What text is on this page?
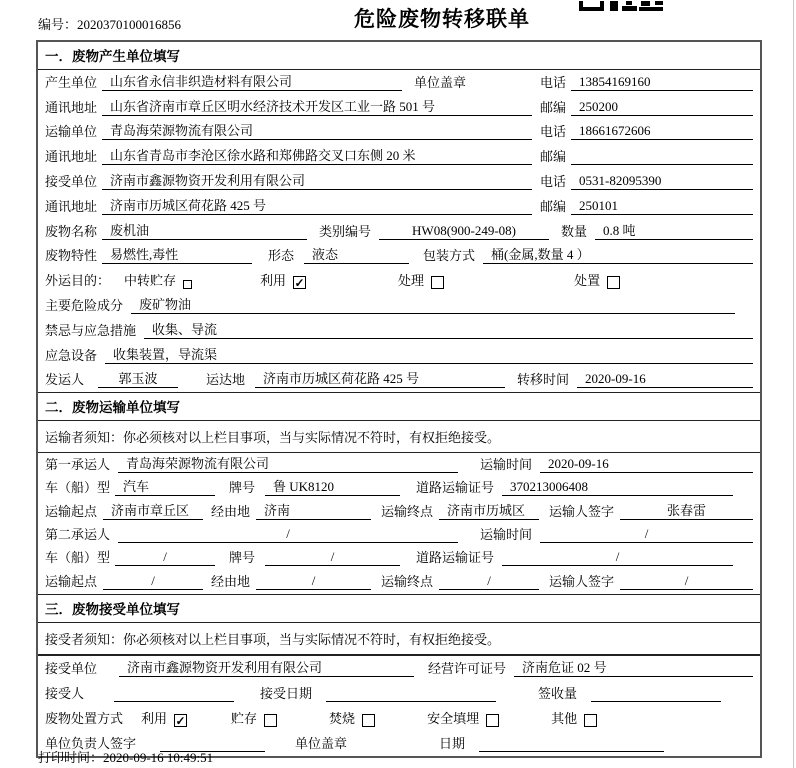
编号：2020370100016856	危险废物转移联单
一．废物产生单位填写
产生单位	山东省永信非织造材料有限公司	单位盖章	电话	13854169160
通讯地址	山东省济南市章丘区明水经济技术开发区工业一路 501 号	邮编	250200
运输单位	青岛海荣源物流有限公司	电话	18661672606
通讯地址	山东省青岛市李沧区徐水路和郑佛路交叉口东侧 20 米	邮编
接受单位	济南市鑫源物资开发利用有限公司	电话	0531-82095390
通讯地址	济南市历城区荷花路 425 号	邮编	250101
废物名称	废机油	类别编号	HW08(900-249-08)	数量	0.8 吨
废物特性	易燃性,毒性	形态	液态	包装方式	桶(金属,数量 4 ）
外运目的： 中转贮存	利用 ✓	处理	处置
主要危险成分	废矿物油
禁忌与应急措施	收集、导流
应急设备	收集装置，导流渠
发运人	郭玉波	运达地	济南市历城区荷花路 425 号	转移时间	2020-09-16
二．废物运输单位填写
运输者须知：你必须核对以上栏目事项，当与实际情况不符时，有权拒绝接受。
第一承运人	青岛海荣源物流有限公司	运输时间	2020-09-16
车（船）型	汽车	牌号	鲁 UK8120	道路运输证号	370213006408
运输起点	济南市章丘区	经由地	济南	运输终点	济南市历城区	运输人签字	张春雷
第二承运人	/	运输时间	/
车（船）型	/	牌号	/	道路运输证号	/
运输起点	/	经由地	/	运输终点	/	运输人签字	/
三．废物接受单位填写
接受者须知：你必须核对以上栏目事项，当与实际情况不符时，有权拒绝接受。
接受单位	济南市鑫源物资开发利用有限公司	经营许可证号	济南危证 02 号
接受人	接受日期	签收量
废物处置方式 利用 ✓	贮存	焚烧	安全填埋	其他
单位负责人签字	单位盖章	日期
打印时间：2020-09-16 10:49:51
